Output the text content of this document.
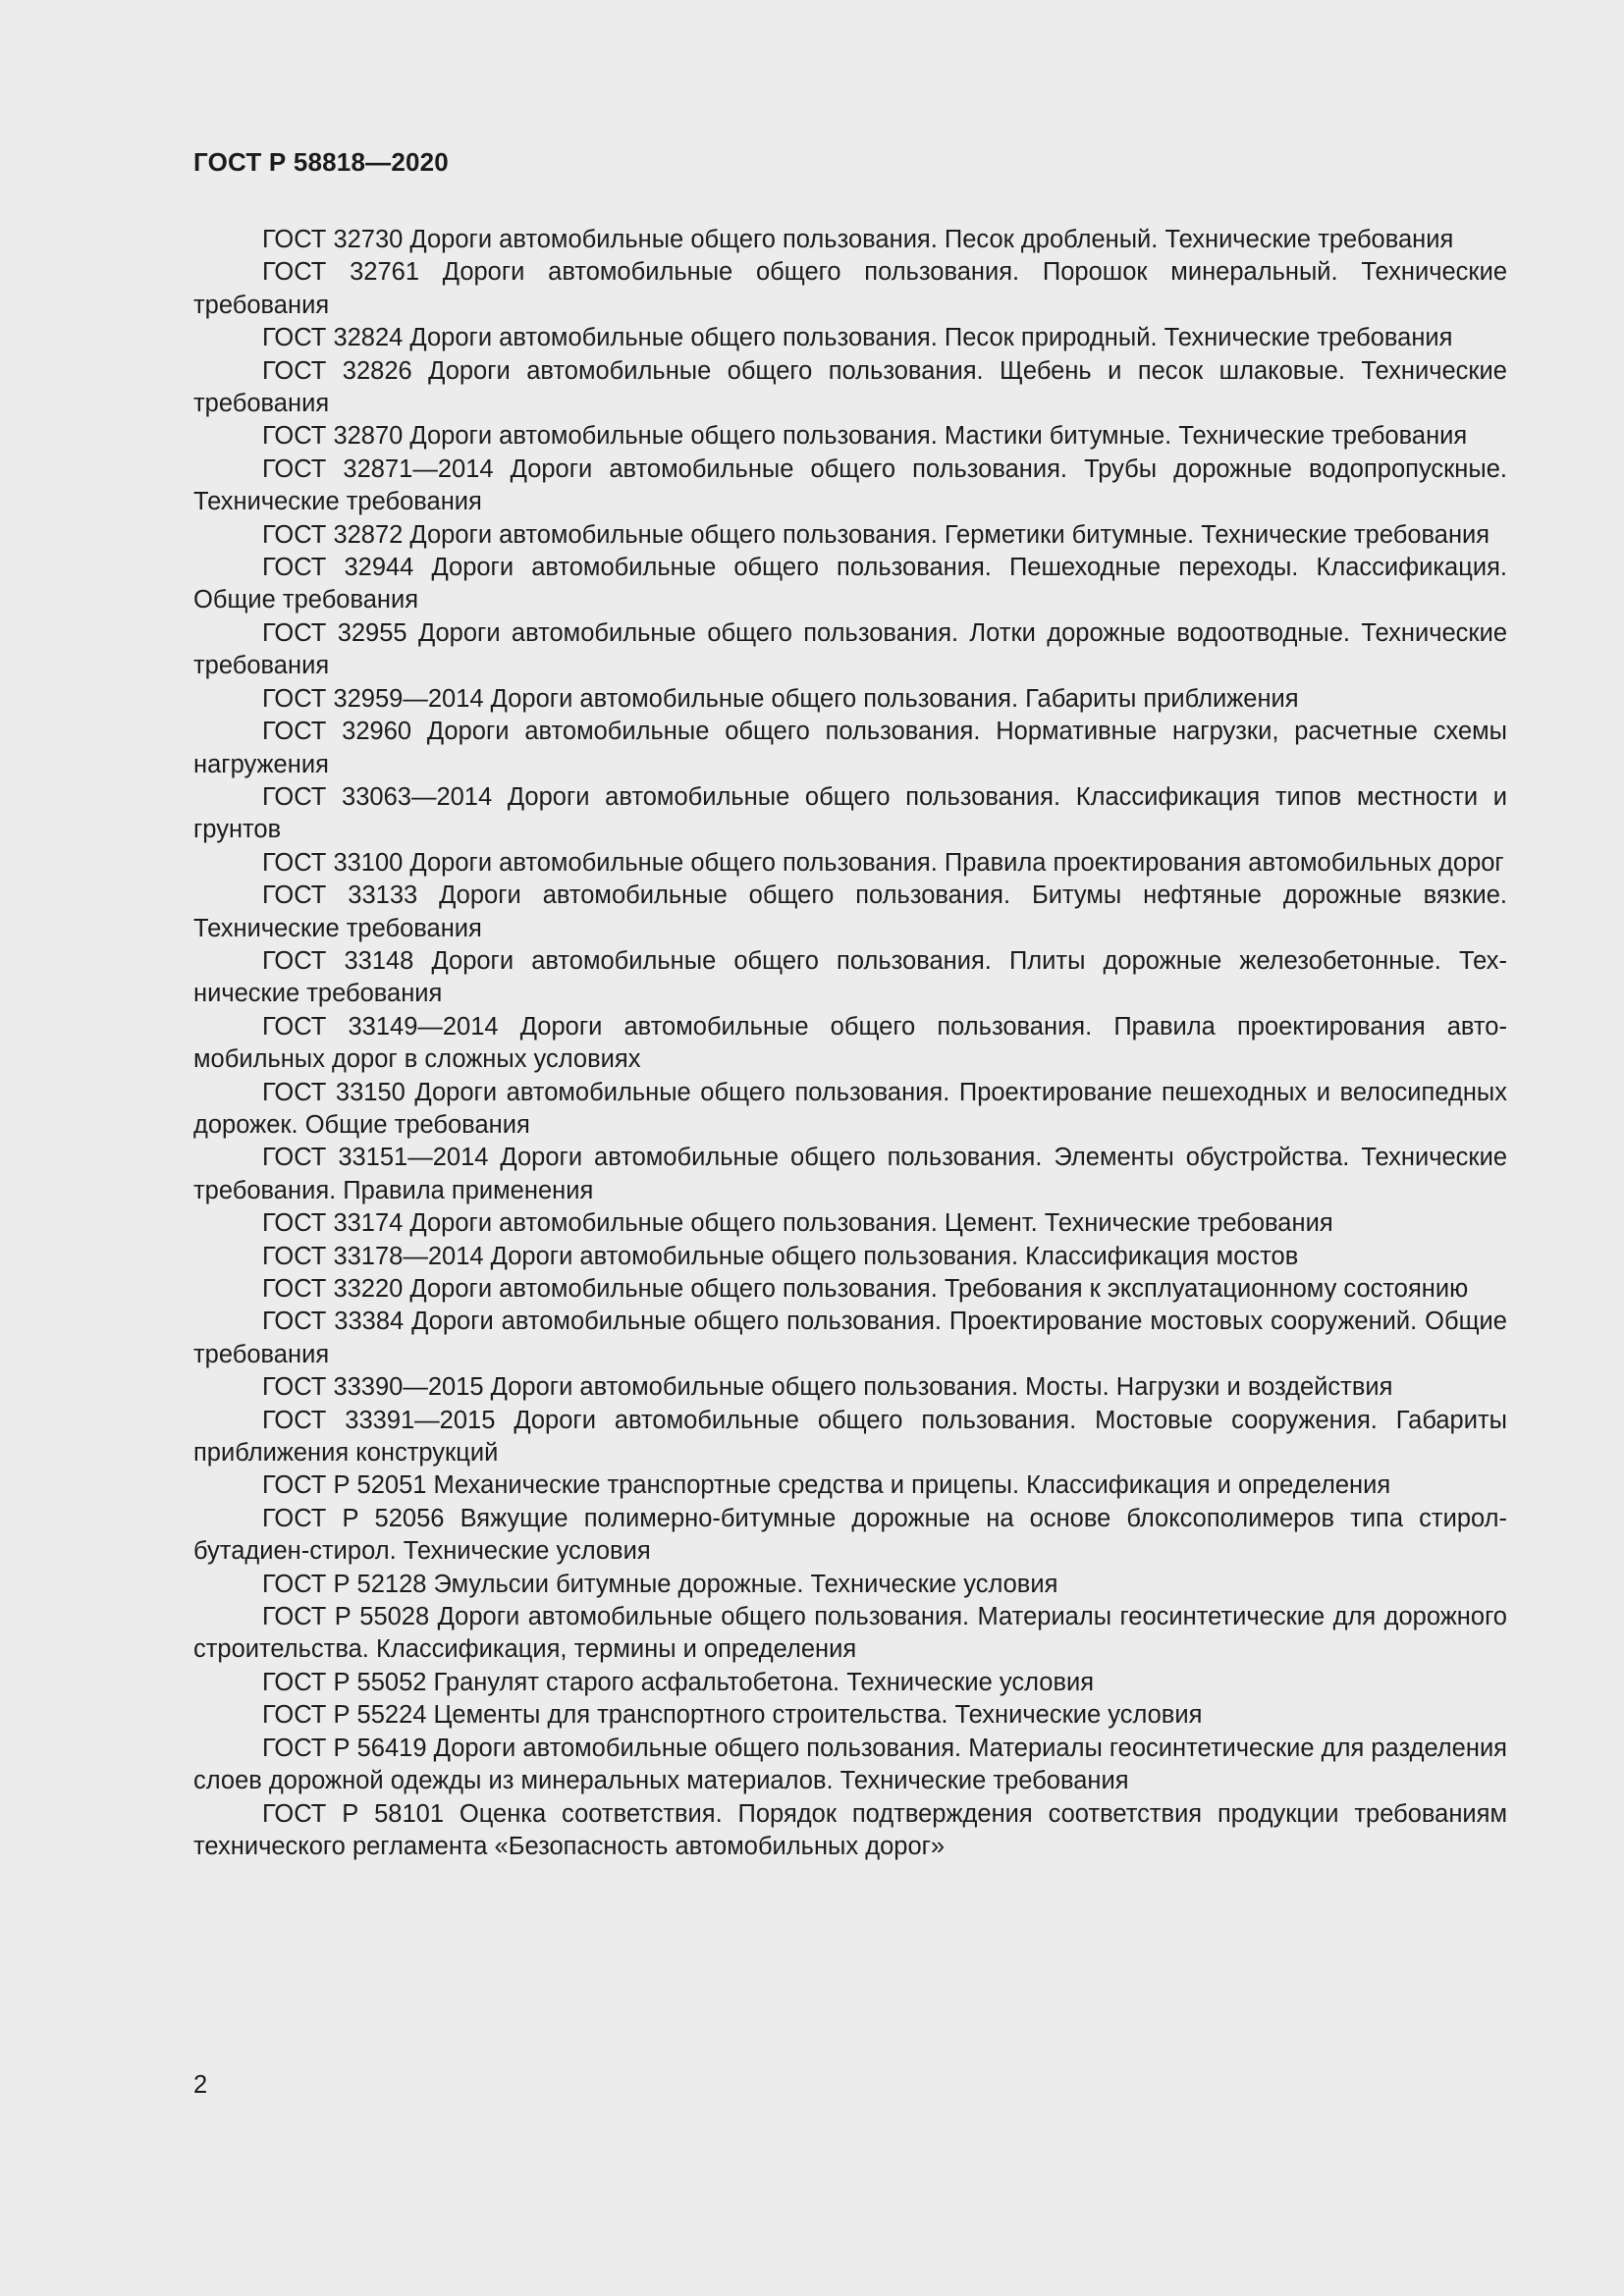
ГОСТ Р 58818—2020

ГОСТ 32730 Дороги автомобильные общего пользования. Песок дробленый. Технические требования

ГОСТ 32761 Дороги автомобильные общего пользования. Порошок минеральный. Технические требования

ГОСТ 32824 Дороги автомобильные общего пользования. Песок природный. Технические требования

ГОСТ 32826 Дороги автомобильные общего пользования. Щебень и песок шлаковые. Технические требования

ГОСТ 32870 Дороги автомобильные общего пользования. Мастики битумные. Технические требования

ГОСТ 32871—2014 Дороги автомобильные общего пользования. Трубы дорожные водопропускные. Технические требования

ГОСТ 32872 Дороги автомобильные общего пользования. Герметики битумные. Технические требования

ГОСТ 32944 Дороги автомобильные общего пользования. Пешеходные переходы. Классификация. Общие требования

ГОСТ 32955 Дороги автомобильные общего пользования. Лотки дорожные водоотводные. Технические требования

ГОСТ 32959—2014 Дороги автомобильные общего пользования. Габариты приближения

ГОСТ 32960 Дороги автомобильные общего пользования. Нормативные нагрузки, расчетные схемы нагружения

ГОСТ 33063—2014 Дороги автомобильные общего пользования. Классификация типов местности и грунтов

ГОСТ 33100 Дороги автомобильные общего пользования. Правила проектирования автомобильных дорог

ГОСТ 33133 Дороги автомобильные общего пользования. Битумы нефтяные дорожные вязкие. Технические требования

ГОСТ 33148 Дороги автомобильные общего пользования. Плиты дорожные железобетонные. Технические требования

ГОСТ 33149—2014 Дороги автомобильные общего пользования. Правила проектирования автомобильных дорог в сложных условиях

ГОСТ 33150 Дороги автомобильные общего пользования. Проектирование пешеходных и велосипедных дорожек. Общие требования

ГОСТ 33151—2014 Дороги автомобильные общего пользования. Элементы обустройства. Технические требования. Правила применения

ГОСТ 33174 Дороги автомобильные общего пользования. Цемент. Технические требования

ГОСТ 33178—2014 Дороги автомобильные общего пользования. Классификация мостов

ГОСТ 33220 Дороги автомобильные общего пользования. Требования к эксплуатационному состоянию

ГОСТ 33384 Дороги автомобильные общего пользования. Проектирование мостовых сооружений. Общие требования

ГОСТ 33390—2015 Дороги автомобильные общего пользования. Мосты. Нагрузки и воздействия

ГОСТ 33391—2015 Дороги автомобильные общего пользования. Мостовые сооружения. Габариты приближения конструкций

ГОСТ Р 52051 Механические транспортные средства и прицепы. Классификация и определения

ГОСТ Р 52056 Вяжущие полимерно-битумные дорожные на основе блоксополимеров типа стирол-бутадиен-стирол. Технические условия

ГОСТ Р 52128 Эмульсии битумные дорожные. Технические условия

ГОСТ Р 55028 Дороги автомобильные общего пользования. Материалы геосинтетические для дорожного строительства. Классификация, термины и определения

ГОСТ Р 55052 Гранулят старого асфальтобетона. Технические условия

ГОСТ Р 55224 Цементы для транспортного строительства. Технические условия

ГОСТ Р 56419 Дороги автомобильные общего пользования. Материалы геосинтетические для разделения слоев дорожной одежды из минеральных материалов. Технические требования

ГОСТ Р 58101 Оценка соответствия. Порядок подтверждения соответствия продукции требованиям технического регламента «Безопасность автомобильных дорог»

2
